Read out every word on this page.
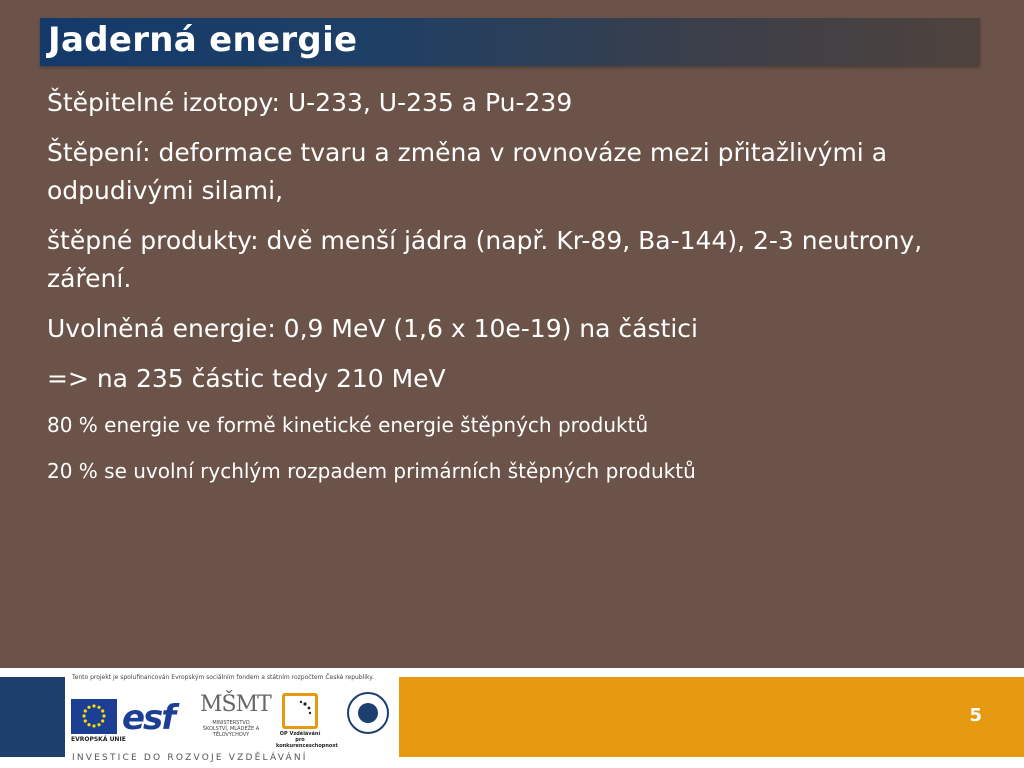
Jaderná energie

Štěpitelné izotopy: U-233, U-235 a Pu-239

Štěpení: deformace tvaru a změna v rovnováze mezi přitažlivými a odpudivými silami,

štěpné produkty: dvě menší jádra (např. Kr-89, Ba-144), 2-3 neutrony, záření.

Uvolněná energie: 0,9 MeV (1,6 x 10e-19) na částici

=> na 235 částic tedy 210 MeV

80 % energie ve formě kinetické energie štěpných produktů

20 % se uvolní rychlým rozpadem primárních štěpných produktů

5
Tento projekt je spolufinancován Evropským sociálním fondem a státním rozpočtem České republiky.
EVROPSKÁ UNIE
esf MŠMT
MINISTERSTVO ŠKOLSTVÍ, MLÁDEŽE A TĚLOVÝCHOVY	OP Vzdělávání pro konkurenceschopnost
INVESTICE DO ROZVOJE VZDĚLÁVÁNÍ
